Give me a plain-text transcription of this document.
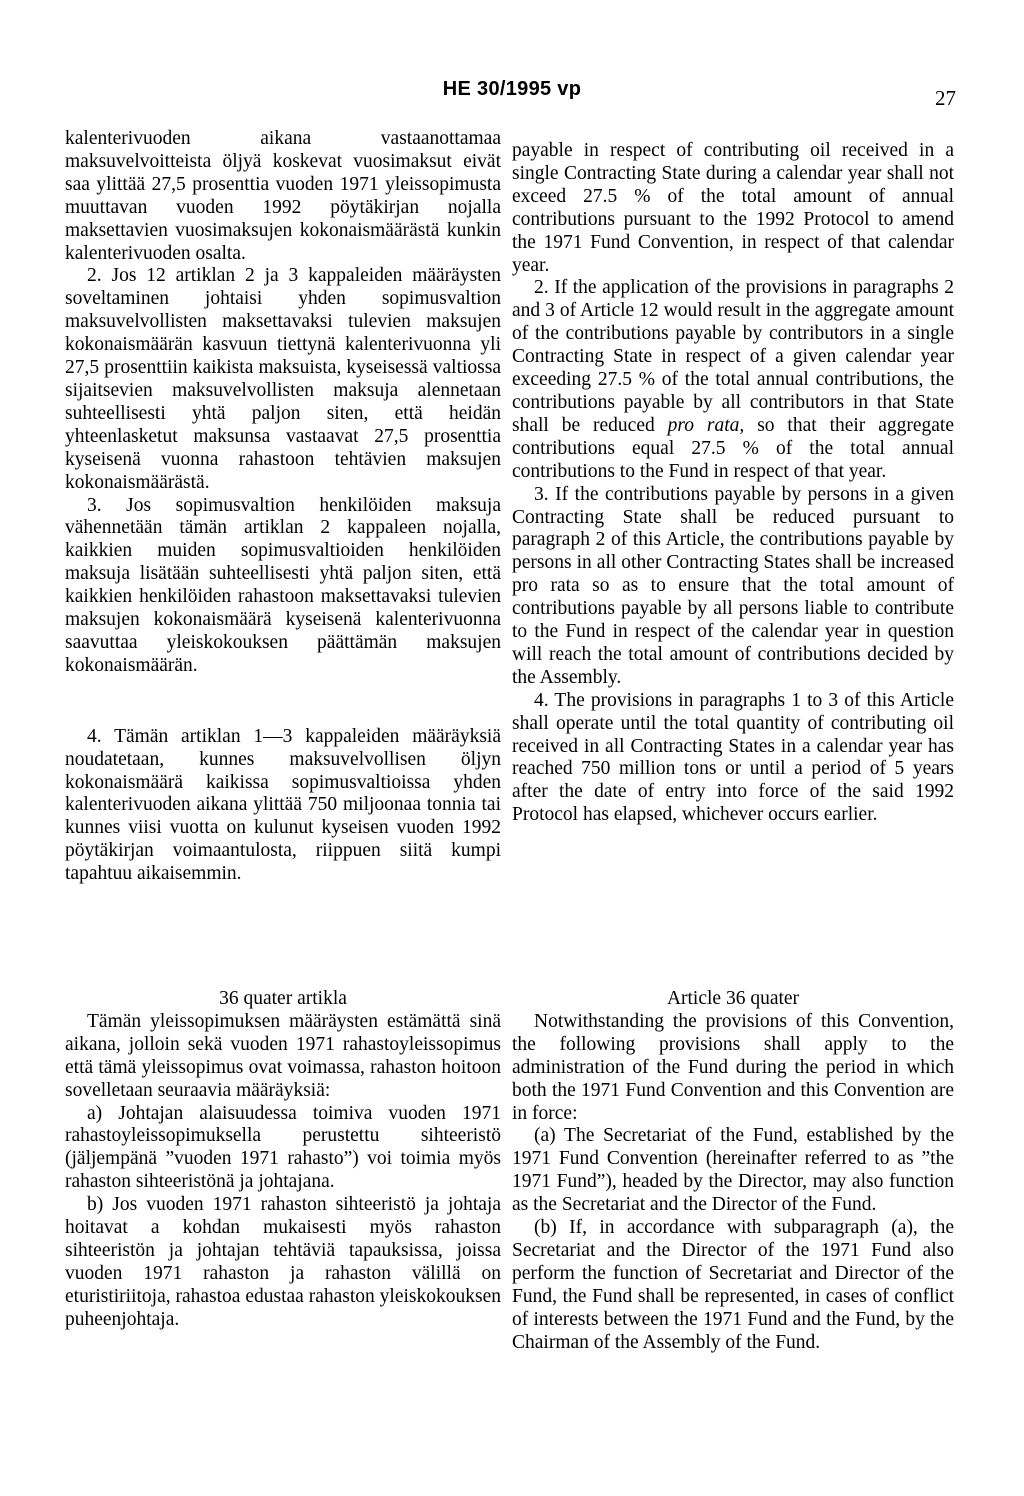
HE 30/1995 vp	27

kalenterivuoden aikana vastaanottamaa maksuvelvoitteista öljyä koskevat vuosimaksut eivät saa ylittää 27,5 prosenttia vuoden 1971 yleissopimusta muuttavan vuoden 1992 pöytäkirjan nojalla maksettavien vuosimaksujen kokonaismäärästä kunkin kalenterivuoden osalta.

2. Jos 12 artiklan 2 ja 3 kappaleiden määräysten soveltaminen johtaisi yhden sopimusvaltion maksuvelvollisten maksettavaksi tulevien maksujen kokonaismäärän kasvuun tiettynä kalenterivuonna yli 27,5 prosenttiin kaikista maksuista, kyseisessä valtiossa sijaitsevien maksuvelvollisten maksuja alennetaan suhteellisesti yhtä paljon siten, että heidän yhteenlasketut maksunsa vastaavat 27,5 prosenttia kyseisenä vuonna rahastoon tehtävien maksujen kokonaismäärästä.

3. Jos sopimusvaltion henkilöiden maksuja vähennetään tämän artiklan 2 kappaleen nojalla, kaikkien muiden sopimusvaltioiden henkilöiden maksuja lisätään suhteellisesti yhtä paljon siten, että kaikkien henkilöiden rahastoon maksettavaksi tulevien maksujen kokonaismäärä kyseisenä kalenterivuonna saavuttaa yleiskokouksen päättämän maksujen kokonaismäärän.

4. Tämän artiklan 1—3 kappaleiden määräyksiä noudatetaan, kunnes maksuvelvollisen öljyn kokonaismäärä kaikissa sopimusvaltioissa yhden kalenterivuoden aikana ylittää 750 miljoonaa tonnia tai kunnes viisi vuotta on kulunut kyseisen vuoden 1992 pöytäkirjan voimaantulosta, riippuen siitä kumpi tapahtuu aikaisemmin.

payable in respect of contributing oil received in a single Contracting State during a calendar year shall not exceed 27.5 % of the total amount of annual contributions pursuant to the 1992 Protocol to amend the 1971 Fund Convention, in respect of that calendar year.

2. If the application of the provisions in paragraphs 2 and 3 of Article 12 would result in the aggregate amount of the contributions payable by contributors in a single Contracting State in respect of a given calendar year exceeding 27.5 % of the total annual contributions, the contributions payable by all contributors in that State shall be reduced pro rata, so that their aggregate contributions equal 27.5 % of the total annual contributions to the Fund in respect of that year.

3. If the contributions payable by persons in a given Contracting State shall be reduced pursuant to paragraph 2 of this Article, the contributions payable by persons in all other Contracting States shall be increased pro rata so as to ensure that the total amount of contributions payable by all persons liable to contribute to the Fund in respect of the calendar year in question will reach the total amount of contributions decided by the Assembly.

4. The provisions in paragraphs 1 to 3 of this Article shall operate until the total quantity of contributing oil received in all Contracting States in a calendar year has reached 750 million tons or until a period of 5 years after the date of entry into force of the said 1992 Protocol has elapsed, whichever occurs earlier.

36 quater artikla

Tämän yleissopimuksen määräysten estämättä sinä aikana, jolloin sekä vuoden 1971 rahastoyleissopimus että tämä yleissopimus ovat voimassa, rahaston hoitoon sovelletaan seuraavia määräyksiä:

a) Johtajan alaisuudessa toimiva vuoden 1971 rahastoyleissopimuksella perustettu sihteeristö (jäljempänä ”vuoden 1971 rahasto”) voi toimia myös rahaston sihteeristönä ja johtajana.

b) Jos vuoden 1971 rahaston sihteeristö ja johtaja hoitavat a kohdan mukaisesti myös rahaston sihteeristön ja johtajan tehtäviä tapauksissa, joissa vuoden 1971 rahaston ja rahaston välillä on eturistiriitoja, rahastoa edustaa rahaston yleiskokouksen puheenjohtaja.

Article 36 quater

Notwithstanding the provisions of this Convention, the following provisions shall apply to the administration of the Fund during the period in which both the 1971 Fund Convention and this Convention are in force:

(a) The Secretariat of the Fund, established by the 1971 Fund Convention (hereinafter referred to as ”the 1971 Fund”), headed by the Director, may also function as the Secretariat and the Director of the Fund.

(b) If, in accordance with subparagraph (a), the Secretariat and the Director of the 1971 Fund also perform the function of Secretariat and Director of the Fund, the Fund shall be represented, in cases of conflict of interests between the 1971 Fund and the Fund, by the Chairman of the Assembly of the Fund.
